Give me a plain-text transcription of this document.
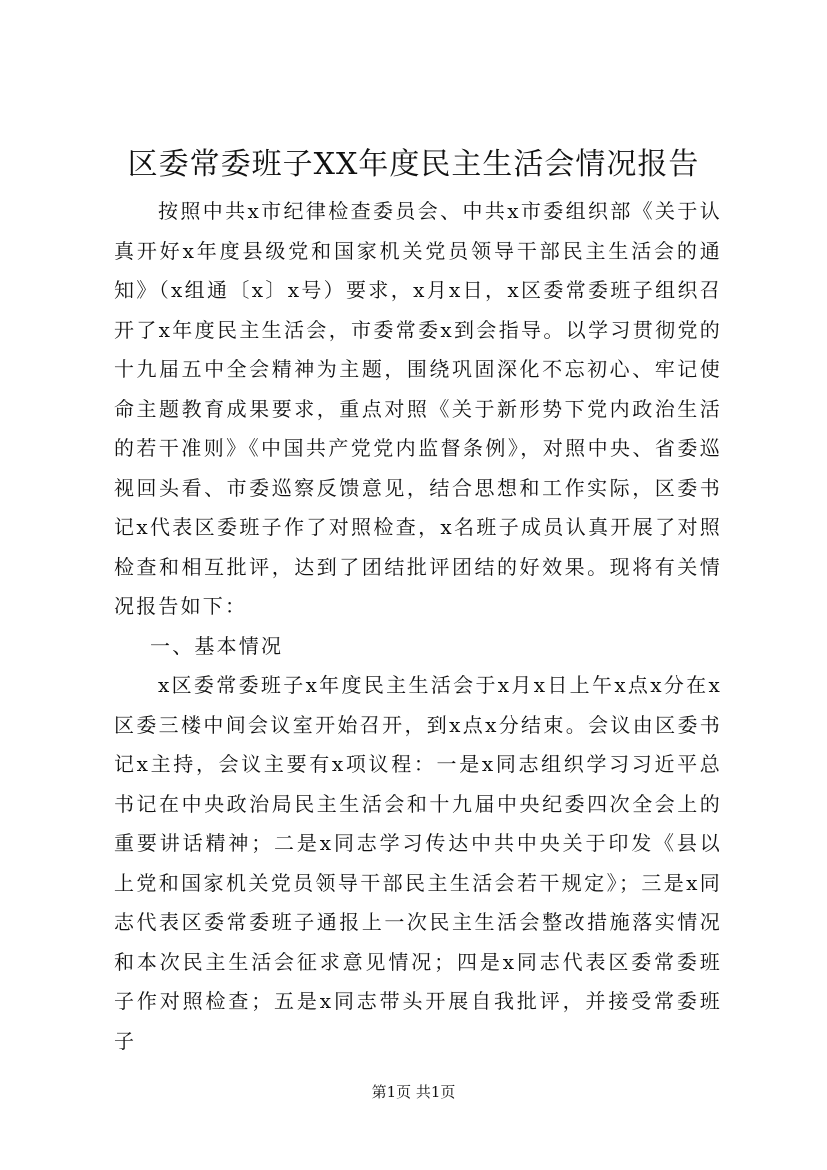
区委常委班子XX年度民主生活会情况报告

按照中共x市纪律检查委员会、中共x市委组织部《关于认真开好x年度县级党和国家机关党员领导干部民主生活会的通知》（x组通〔x〕x号）要求，x月x日，x区委常委班子组织召开了x年度民主生活会，市委常委x到会指导。以学习贯彻党的十九届五中全会精神为主题，围绕巩固深化不忘初心、牢记使命主题教育成果要求，重点对照《关于新形势下党内政治生活的若干准则》《中国共产党党内监督条例》，对照中央、省委巡视回头看、市委巡察反馈意见，结合思想和工作实际，区委书记x代表区委班子作了对照检查，x名班子成员认真开展了对照检查和相互批评，达到了团结批评团结的好效果。现将有关情况报告如下：

一、基本情况

x区委常委班子x年度民主生活会于x月x日上午x点x分在x区委三楼中间会议室开始召开，到x点x分结束。会议由区委书记x主持，会议主要有x项议程：一是x同志组织学习习近平总书记在中央政治局民主生活会和十九届中央纪委四次全会上的重要讲话精神；二是x同志学习传达中共中央关于印发《县以上党和国家机关党员领导干部民主生活会若干规定》；三是x同志代表区委常委班子通报上一次民主生活会整改措施落实情况和本次民主生活会征求意见情况；四是x同志代表区委常委班子作对照检查；五是x同志带头开展自我批评，并接受常委班子

第1页 共1页
